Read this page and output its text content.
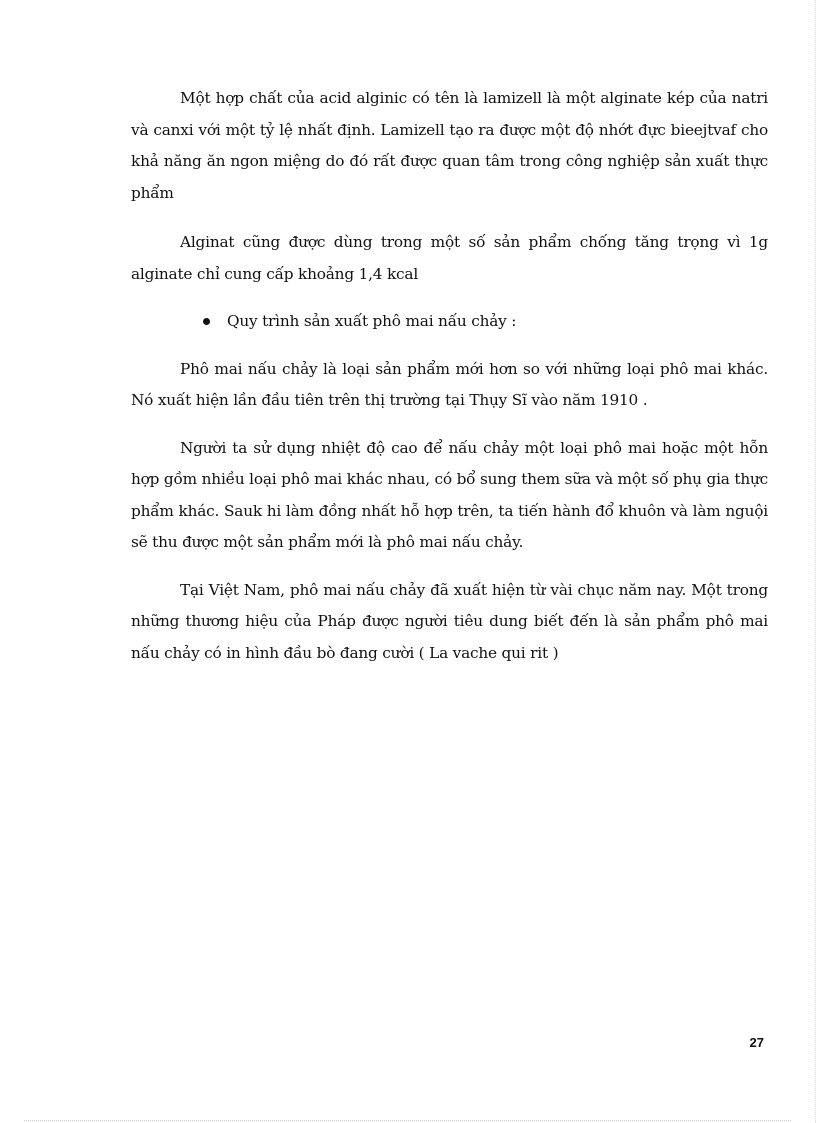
Một hợp chất của acid alginic có tên là lamizell là một alginate kép của natri và canxi với một tỷ lệ nhất định. Lamizell tạo ra được một độ nhớt đực bieejtvaf cho khả năng ăn ngon miệng do đó rất được quan tâm trong công nghiệp sản xuất thực phẩm

Alginat cũng được dùng trong một số sản phẩm chống tăng trọng vì 1g alginate chỉ cung cấp khoảng 1,4 kcal

Quy trình sản xuất phô mai nấu chảy :

Phô mai nấu chảy là loại sản phẩm mới hơn so với những loại phô mai khác. Nó xuất hiện lần đầu tiên trên thị trường tại Thụy Sĩ vào năm 1910 .

Người ta sử dụng nhiệt độ cao để nấu chảy một loại phô mai hoặc một hỗn hợp gồm nhiều loại phô mai khác nhau, có bổ sung them sữa và một số phụ gia thực phẩm khác. Sauk hi làm đồng nhất hỗ hợp trên, ta tiến hành đổ khuôn và làm nguội sẽ thu được một sản phẩm mới là phô mai nấu chảy.

Tại Việt Nam, phô mai nấu chảy đã xuất hiện từ vài chục năm nay. Một trong những thương hiệu của Pháp được người tiêu dung biết đến là sản phẩm phô mai nấu chảy có in hình đầu bò đang cười ( La vache qui rit )

27
